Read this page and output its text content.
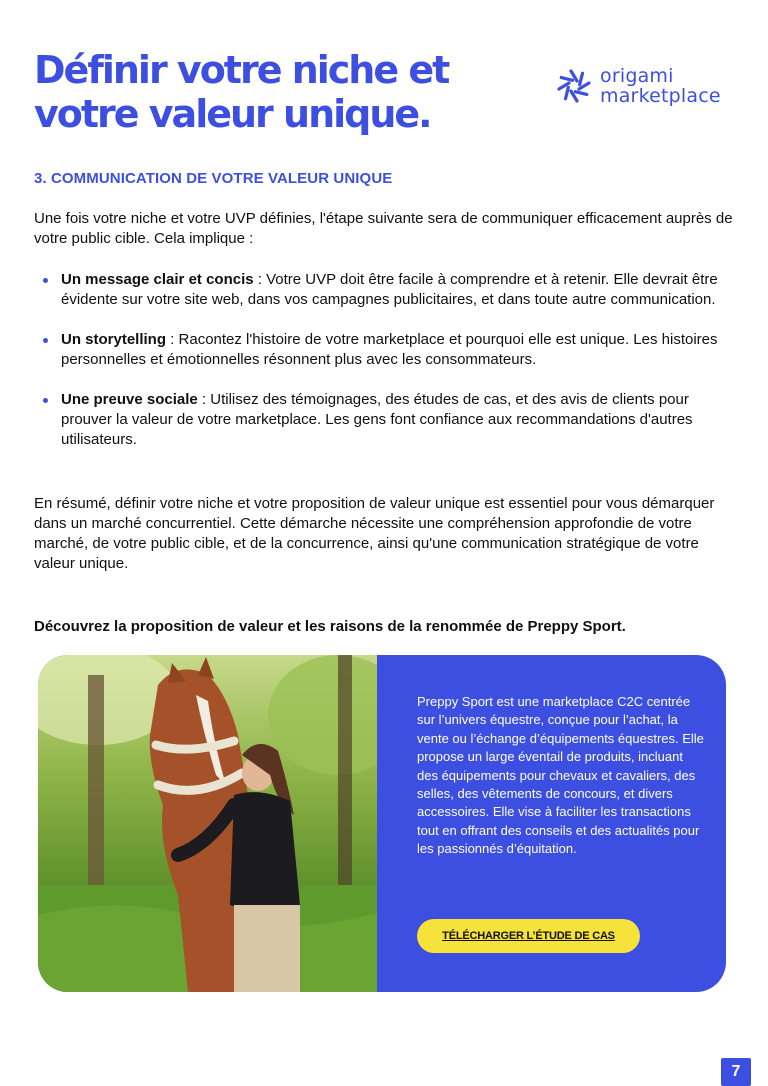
Définir votre niche et votre valeur unique.
origami
marketplace
3. COMMUNICATION DE VOTRE VALEUR UNIQUE

Une fois votre niche et votre UVP définies, l'étape suivante sera de communiquer efficacement auprès de votre public cible. Cela implique :

Un message clair et concis : Votre UVP doit être facile à comprendre et à retenir. Elle devrait être évidente sur votre site web, dans vos campagnes publicitaires, et dans toute autre communication.
Un storytelling : Racontez l'histoire de votre marketplace et pourquoi elle est unique. Les histoires personnelles et émotionnelles résonnent plus avec les consommateurs.
Une preuve sociale : Utilisez des témoignages, des études de cas, et des avis de clients pour prouver la valeur de votre marketplace. Les gens font confiance aux recommandations d'autres utilisateurs.

En résumé, définir votre niche et votre proposition de valeur unique est essentiel pour vous démarquer dans un marché concurrentiel. Cette démarche nécessite une compréhension approfondie de votre marché, de votre public cible, et de la concurrence, ainsi qu'une communication stratégique de votre valeur unique.

Découvrez la proposition de valeur et les raisons de la renommée de Preppy Sport.

Preppy Sport est une marketplace C2C centrée sur l’univers équestre, conçue pour l’achat, la vente ou l’échange d’équipements équestres. Elle propose un large éventail de produits, incluant des équipements pour chevaux et cavaliers, des selles, des vêtements de concours, et divers accessoires. Elle vise à faciliter les transactions tout en offrant des conseils et des actualités pour les passionnés d’équitation.

TÉLÉCHARGER L’ÉTUDE DE CAS
7
